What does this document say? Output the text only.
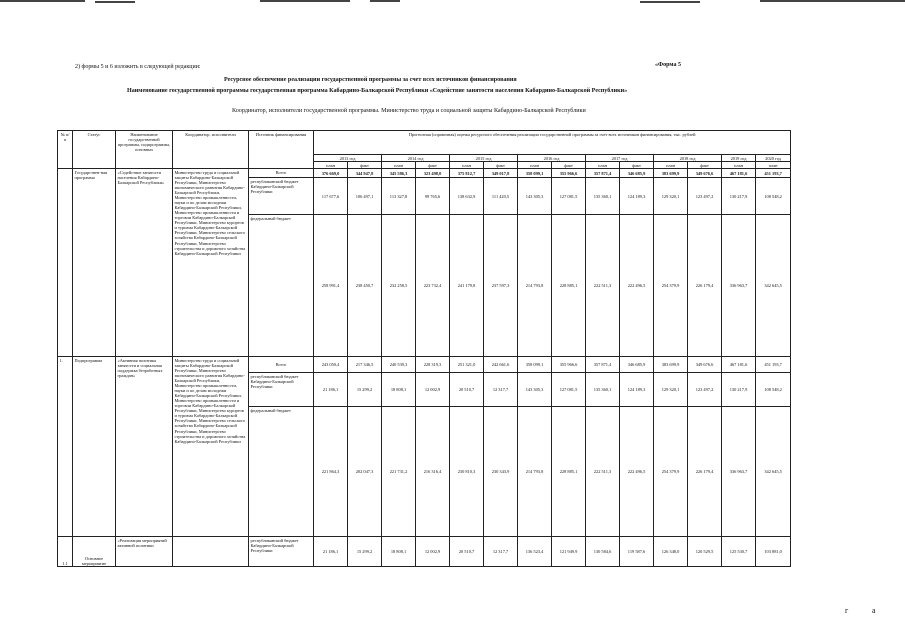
2) формы 5 и 6 изложить в следующей редакции:	«Форма 5
Ресурсное обеспечение реализации государственной программы за счет всех источников финансирования
Наименование государственной программы государственная программа Кабардино-Балкарской Республики «Содействие занятости населения Кабардино-Балкарской Республики»
Координатор, исполнители государственной программы. Министерство труда и социальной защиты Кабардино-Балкарской Республики
№ п/п	Статус	Наименование государственной программы, подпрограммы, основных	Координатор, исполнители	Источник финансирования	Прогнозная (справочная) оценка ресурсного обеспечения реализации государственной программы за счет всех источников финансирования, тыс. рублей													
					2013 год		2014 год		2015 год		2016 год		2017 год		2018 год		2019 год	2020 год
					план	факт	план	факт	план	факт	план	факт	план	факт	план	факт	план	план
	Государствен-ная программа	«Содействие занятости населения Кабардино-Балкарской Республики»	Министерство труда и социальной защиты Кабардино-Балкарской Республики, Министерство экономического развития Кабардино-Балкарской Республики, Министерство промышленности, науки и по делам молодежи Кабардино-Балкарской Республики, Министерство промышленности и торговли Кабардино-Балкарской Республики, Министерство курортов и туризма Кабардино-Балкарской Республики, Министерство сельского хозяйства Кабардино-Балкарской Республики, Министерство строительства и дорожного хозяйства Кабардино-Балкарской Республики	Всего	376 669,0	344 947,8	345 586,3	323 498,0	375 812,7	349 017,8	358 099,1	355 966,6	357 871,4	346 685,9	383 699,9	349 676,6	467 181,6	451 193,7
				республиканский бюджет Кабардино-Балкарской Республики	117 677,6	106 497,1	113 327,8	99 765,6	138 632,9	111 420,5	143 305,3	127 081,5	135 360,1	124 189,3	129 320,1	123 497,2	130 217,9	108 548,2
				федеральный бюджет	258 991,4	238 450,7	232 258,5	223 732,4	241 179,8	237 597,3	214 793,8	228 885,1	222 511,3	222 496,5	254 379,9	226 179,4	336 963,7	342 645,5
1.	Подпрограмма	«Активная политика занятости и социальная поддержка безработных граждан»	Министерство труда и социальной защиты Кабардино-Балкарской Республики, Министерство экономического развития Кабардино-Балкарской Республики, Министерство промышленности, науки и по делам молодежи Кабардино-Балкарской Республики, Министерство промышленности и торговли Кабардино-Балкарской Республики, Министерство курортов и туризма Кабардино-Балкарской Республики, Министерство сельского хозяйства Кабардино-Балкарской Республики, Министерство строительства и дорожного хозяйства Кабардино-Балкарской Республики	Всего	243 050,4	217 346,5	240 539,3	228 319,3	251 321,0	242 661,6	358 099,1	355 966,6	357 871,4	346 685,9	383 699,9	349 676,6	467 181,6	451 193,7
				республиканский бюджет Кабардино-Балкарской Республики	21 186,1	15 299,2	18 808,1	12 002,9	20 510,7	12 317,7	143 305,3	127 081,5	135 360,1	124 189,3	129 320,1	123 497,2	130 217,9	108 548,2
				федеральный бюджет	221 864,3	202 047,3	221 731,2	216 316,4	230 810,3	230 343,9	214 793,8	228 885,1	222 511,3	222 496,5	254 379,9	226 179,4	336 963,7	342 645,5
1.1	Основное мероприятие	«Реализация мероприятий активной политики		республиканский бюджет Кабардино-Балкарской Республики	21 186,1	15 299,2	18 808,1	12 002,9	20 510,7	12 317,7	136 523,4	121 949,9	130 584,6	119 587,6	126 348,0	120 529,5	125 530,7	103 881,0
г	а
